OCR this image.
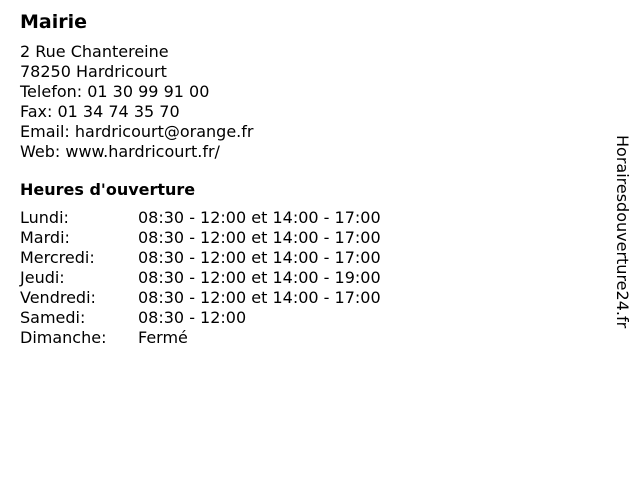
Mairie
2 Rue Chantereine
78250 Hardricourt
Telefon: 01 30 99 91 00
Fax: 01 34 74 35 70
Email: hardricourt@orange.fr
Web: www.hardricourt.fr/
Heures d'ouverture
Lundi:	08:30 - 12:00 et 14:00 - 17:00
Mardi:	08:30 - 12:00 et 14:00 - 17:00
Mercredi:	08:30 - 12:00 et 14:00 - 17:00
Jeudi:	08:30 - 12:00 et 14:00 - 19:00
Vendredi:	08:30 - 12:00 et 14:00 - 17:00
Samedi:	08:30 - 12:00
Dimanche:	Fermé
Horairesdouverture24.fr
